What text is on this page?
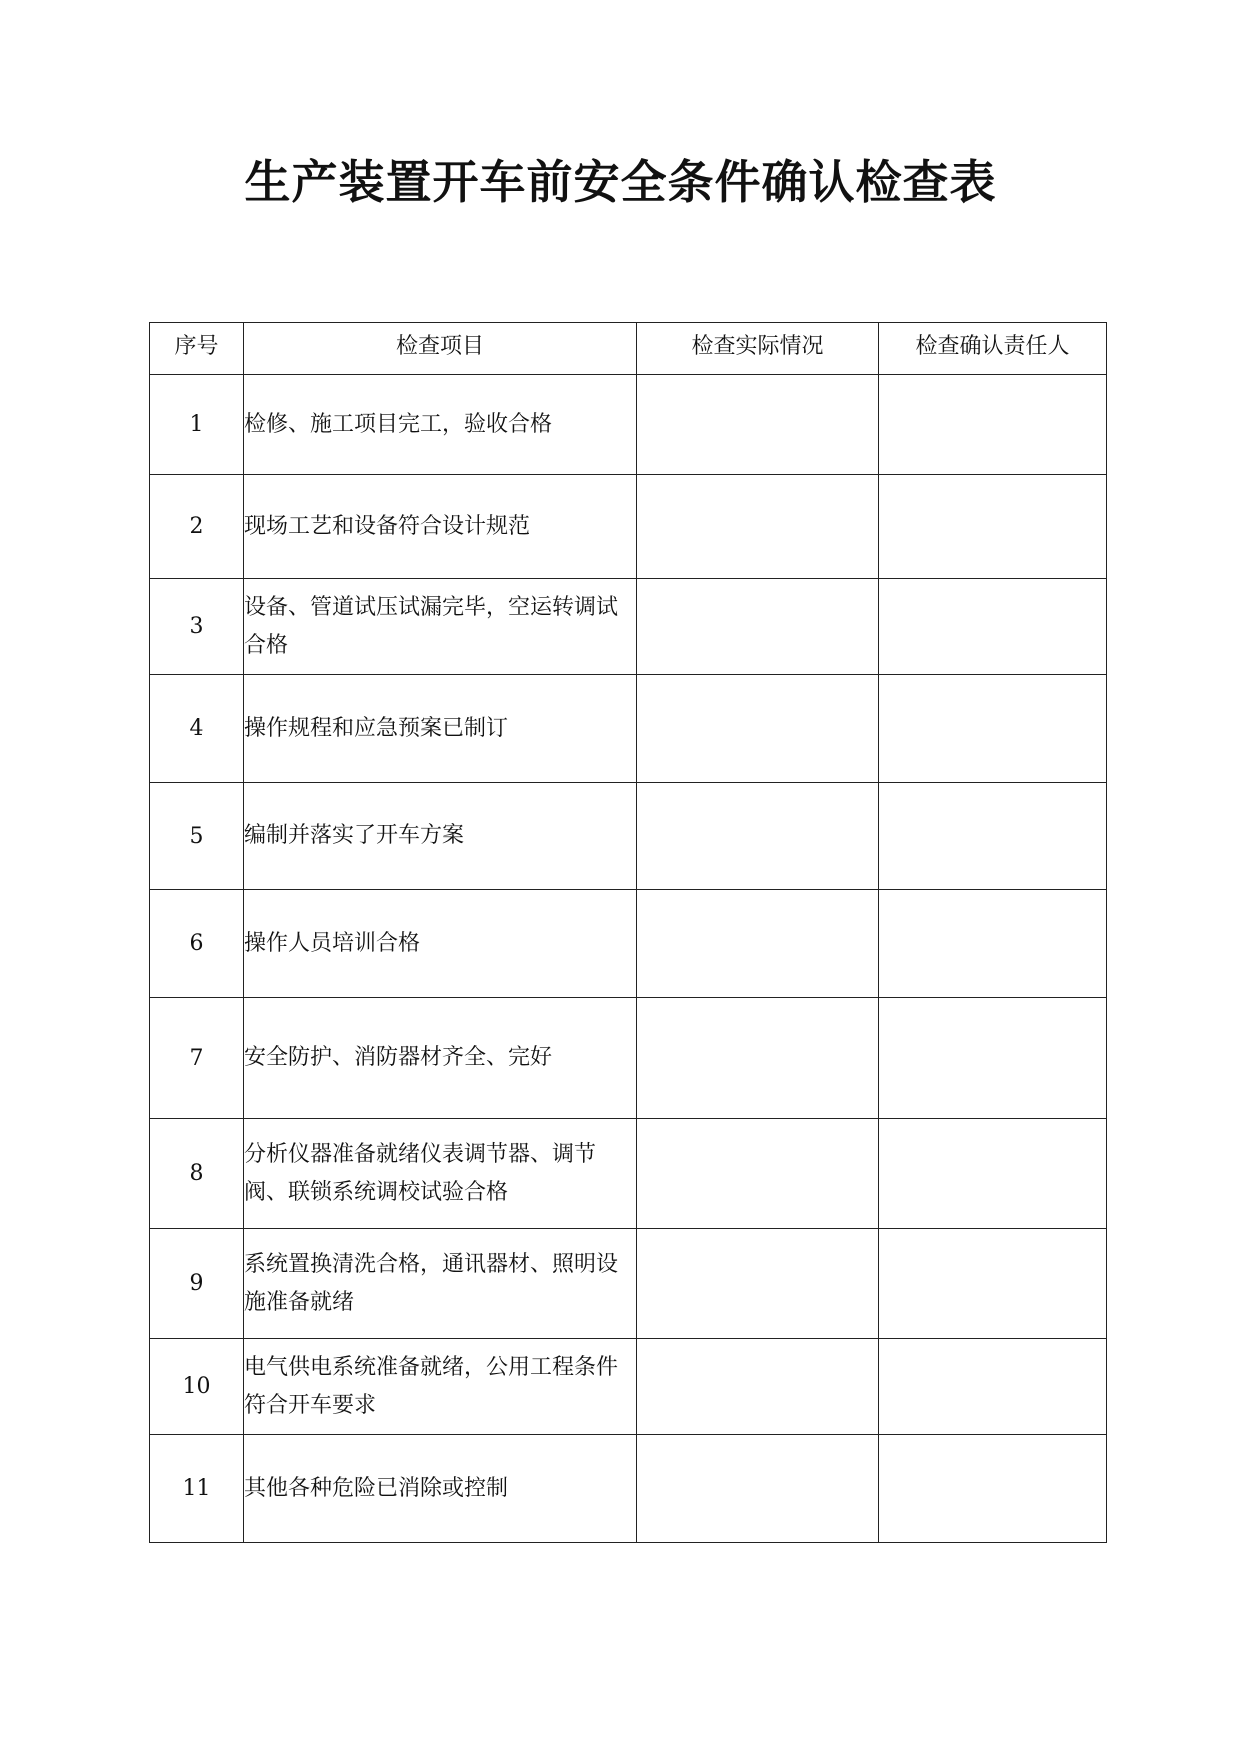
生产装置开车前安全条件确认检查表
序号	检查项目	检查实际情况	检查确认责任人
1	检修、施工项目完工，验收合格		

2	现场工艺和设备符合设计规范		

3	设备、管道试压试漏完毕，空运转调试合格		

4	操作规程和应急预案已制订		

5	编制并落实了开车方案		

6	操作人员培训合格		

7	安全防护、消防器材齐全、完好		

8	分析仪器准备就绪仪表调节器、调节阀、联锁系统调校试验合格		

9	系统置换清洗合格，通讯器材、照明设施准备就绪		

10	电气供电系统准备就绪，公用工程条件符合开车要求		

11	其他各种危险已消除或控制		
